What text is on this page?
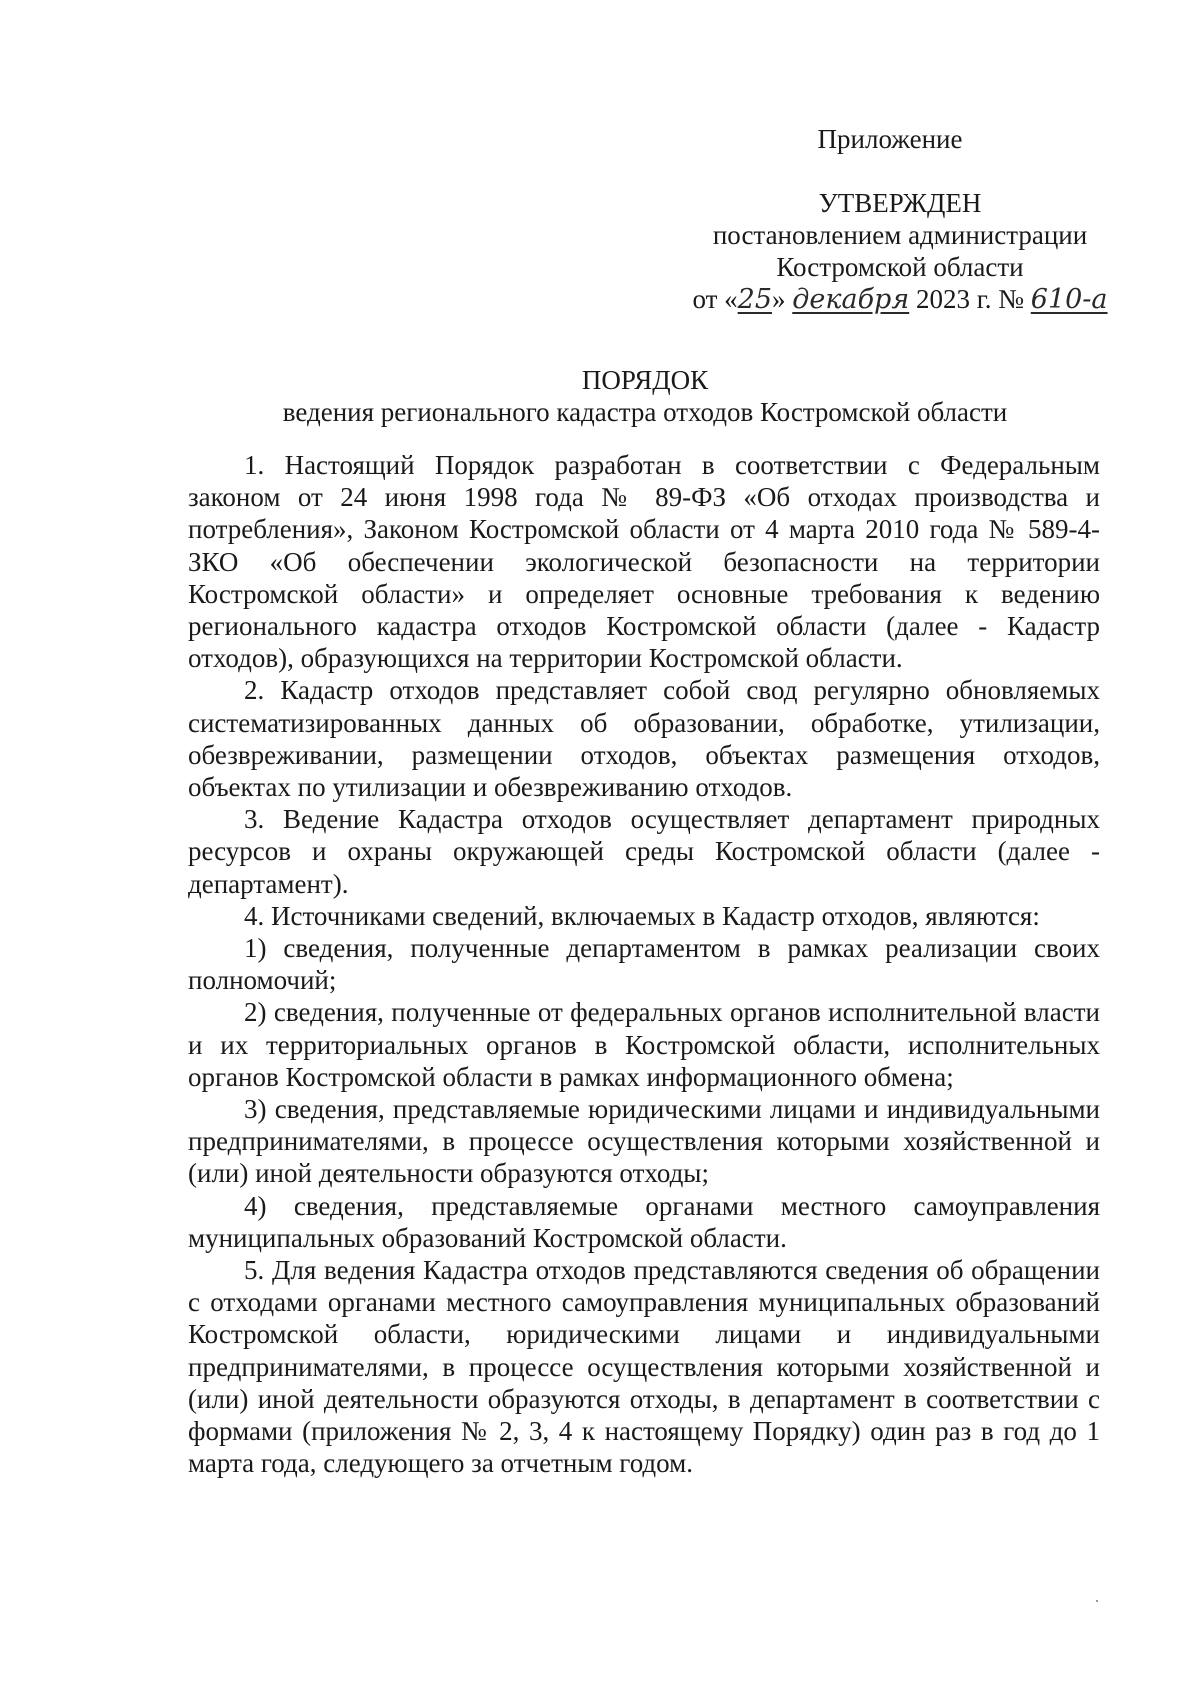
Приложение
УТВЕРЖДЕН
постановлением администрации
Костромской области
от «25» декабря 2023 г. № 610-а
ПОРЯДОК
ведения регионального кадастра отходов Костромской области

1. Настоящий Порядок разработан в соответствии с Федеральным законом от 24 июня 1998 года № 89-ФЗ «Об отходах производства и потребления», Законом Костромской области от 4 марта 2010 года № 589-4-ЗКО «Об обеспечении экологической безопасности на территории Костромской области» и определяет основные требования к ведению регионального кадастра отходов Костромской области (далее - Кадастр отходов), образующихся на территории Костромской области.

2. Кадастр отходов представляет собой свод регулярно обновляемых систематизированных данных об образовании, обработке, утилизации, обезвреживании, размещении отходов, объектах размещения отходов, объектах по утилизации и обезвреживанию отходов.

3. Ведение Кадастра отходов осуществляет департамент природных ресурсов и охраны окружающей среды Костромской области (далее - департамент).

4. Источниками сведений, включаемых в Кадастр отходов, являются:

1) сведения, полученные департаментом в рамках реализации своих полномочий;

2) сведения, полученные от федеральных органов исполнительной власти и их территориальных органов в Костромской области, исполнительных органов Костромской области в рамках информационного обмена;

3) сведения, представляемые юридическими лицами и индивидуальными предпринимателями, в процессе осуществления которыми хозяйственной и (или) иной деятельности образуются отходы;

4) сведения, представляемые органами местного самоуправления муниципальных образований Костромской области.

5. Для ведения Кадастра отходов представляются сведения об обращении с отходами органами местного самоуправления муниципальных образований Костромской области, юридическими лицами и индивидуальными предпринимателями, в процессе осуществления которыми хозяйственной и (или) иной деятельности образуются отходы, в департамент в соответствии с формами (приложения № 2, 3, 4 к настоящему Порядку) один раз в год до 1 марта года, следующего за отчетным годом.
